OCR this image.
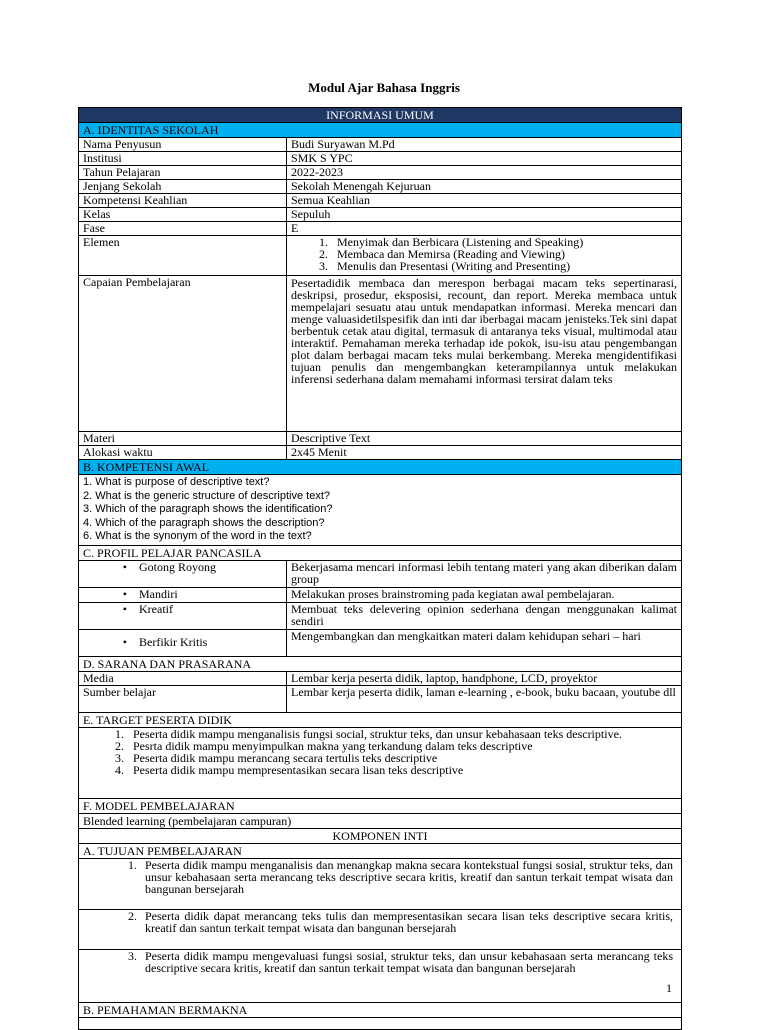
Modul Ajar Bahasa Inggris
INFORMASI UMUM
A. IDENTITAS SEKOLAH
Nama Penyusun	Budi Suryawan M.Pd
Institusi	SMK S YPC
Tahun Pelajaran	2022-2023
Jenjang Sekolah	Sekolah Menengah Kejuruan
Kompetensi Keahlian	Semua Keahlian
Kelas	Sepuluh
Fase	E
Elemen
1.	Menyimak dan Berbicara (Listening and Speaking)
2. Membaca dan Memirsa (Reading and Viewing)
3. Menulis dan Presentasi (Writing and Presenting)
Capaian Pembelajaran	Pesertadidik membaca dan merespon berbagai macam teks sepertinarasi, deskripsi, prosedur, eksposisi, recount, dan report. Mereka membaca untuk mempelajari sesuatu atau untuk mendapatkan informasi. Mereka mencari dan menge valuasidetilspesifik dan inti dar iberbagai macam jenisteks.Tek sini dapat berbentuk cetak atau digital, termasuk di antaranya teks visual, multimodal atau interaktif. Pemahaman mereka terhadap ide pokok, isu-isu atau pengembangan plot dalam berbagai macam teks mulai berkembang. Mereka mengidentifikasi tujuan penulis dan mengembangkan keterampilannya untuk melakukan inferensi sederhana dalam memahami informasi tersirat dalam teks
Materi	Descriptive Text
Alokasi waktu	2x45 Menit
B. KOMPETENSI AWAL
1. What is purpose of descriptive text?
2. What is the generic structure of descriptive text?
3. Which of the paragraph shows the identification?
4. Which of the paragraph shows the description?
6. What is the synonym of the word in the text?
C. PROFIL PELAJAR PANCASILA
•	Gotong Royong	Bekerjasama mencari informasi lebih tentang materi yang akan diberikan dalam group
•	Mandiri	Melakukan proses brainstroming pada kegiatan awal pembelajaran.
•	Kreatif	Membuat teks delevering opinion sederhana dengan menggunakan kalimat sendiri
•	Berfikir Kritis	Mengembangkan dan mengkaitkan materi dalam kehidupan sehari – hari
D. SARANA DAN PRASARANA
Media	Lembar kerja peserta didik, laptop, handphone, LCD, proyektor
Sumber belajar	Lembar kerja peserta didik, laman e-learning , e-book, buku bacaan, youtube dll
E. TARGET PESERTA DIDIK
1. Peserta didik mampu menganalisis fungsi social, struktur teks, dan unsur kebahasaan teks descriptive.
2. Pesrta didik mampu menyimpulkan makna yang terkandung dalam teks descriptive
3. Peserta didik mampu merancang secara tertulis teks descriptive
4. Peserta didik mampu mempresentasikan secara lisan teks descriptive
F. MODEL PEMBELAJARAN
Blended learning (pembelajaran campuran)
KOMPONEN INTI
A. TUJUAN PEMBELAJARAN
1. Peserta didik mampu menganalisis dan menangkap makna secara kontekstual fungsi sosial, struktur teks, dan unsur kebahasaan serta merancang teks descriptive secara kritis, kreatif dan santun terkait tempat wisata dan bangunan bersejarah
2. Peserta didik dapat merancang teks tulis dan mempresentasikan secara lisan teks descriptive secara kritis, kreatif dan santun terkait tempat wisata dan bangunan bersejarah
3. Peserta didik mampu mengevaluasi fungsi sosial, struktur teks, dan unsur kebahasaan serta merancang teks descriptive secara kritis, kreatif dan santun terkait tempat wisata dan bangunan bersejarah
B. PEMAHAMAN BERMAKNA
1
